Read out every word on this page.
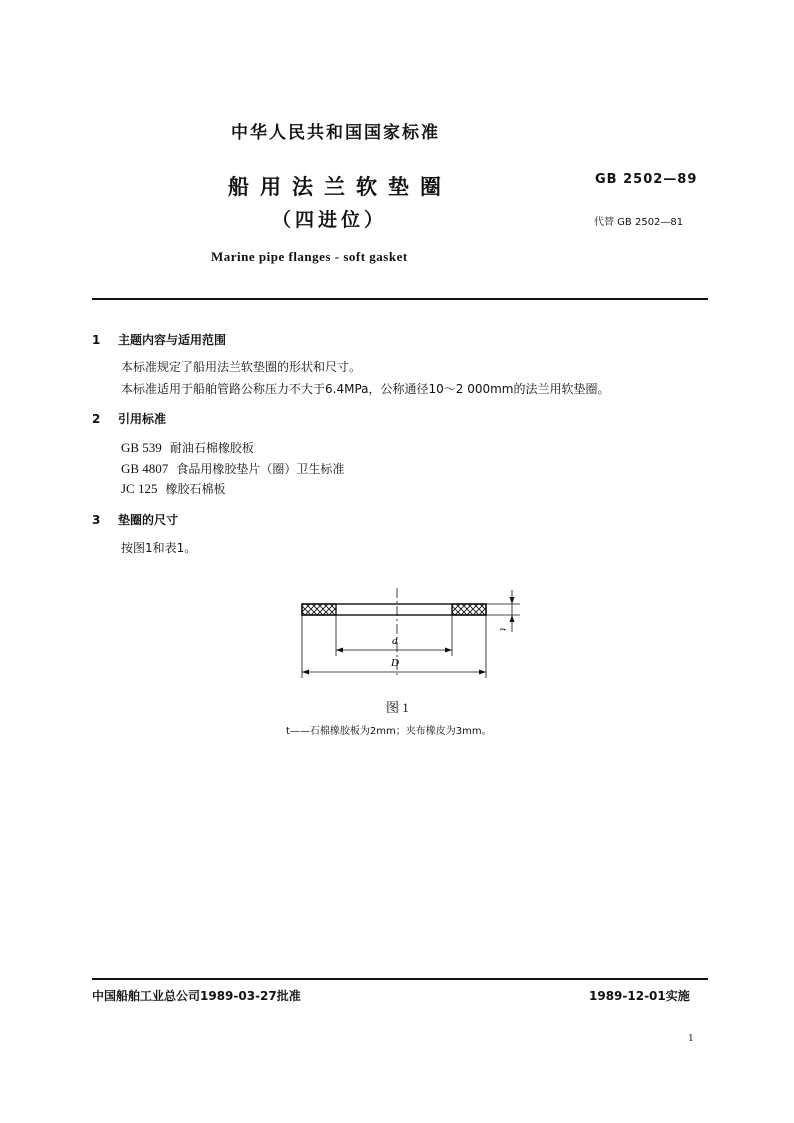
中华人民共和国国家标准
船用法兰软垫圈
（四进位）
Marine pipe flanges - soft gasket
GB 2502—89
代替 GB 2502—81
1 主题内容与适用范围
本标准规定了船用法兰软垫圈的形状和尺寸。
本标准适用于船舶管路公称压力不大于6.4MPa，公称通径10～2 000mm的法兰用软垫圈。
2 引用标准
GB 539 耐油石棉橡胶板
GB 4807 食品用橡胶垫片（圈）卫生标准
JC 125 橡胶石棉板
3 垫圈的尺寸
按图1和表1。
d
D
t
图 1
t——石棉橡胶板为2mm；夹布橡皮为3mm。
中国船舶工业总公司1989-03-27批准	1989-12-01实施
1
